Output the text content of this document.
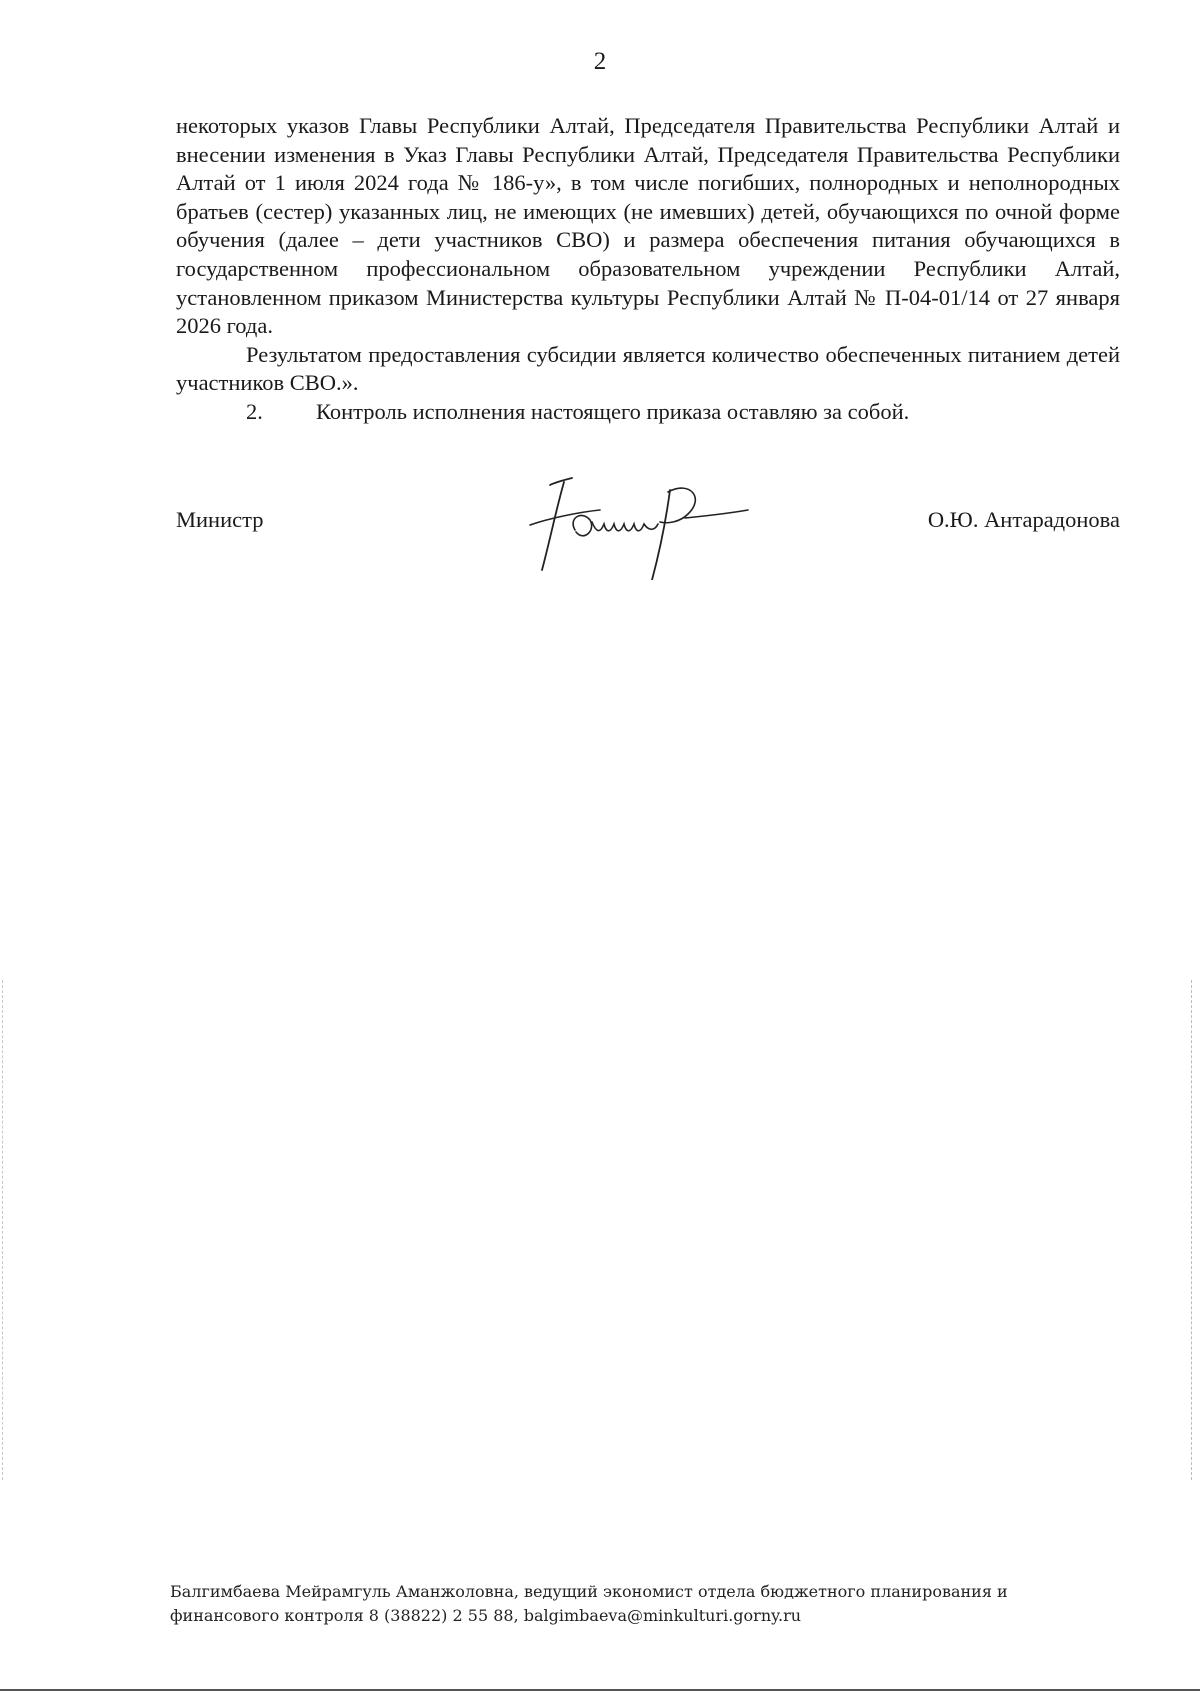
2

некоторых указов Главы Республики Алтай, Председателя Правительства Республики Алтай и внесении изменения в Указ Главы Республики Алтай, Председателя Правительства Республики Алтай от 1 июля 2024 года № 186-у», в том числе погибших, полнородных и неполнородных братьев (сестер) указанных лиц, не имеющих (не имевших) детей, обучающихся по очной форме обучения (далее – дети участников СВО) и размера обеспечения питания обучающихся в государственном профессиональном образовательном учреждении Республики Алтай, установленном приказом Министерства культуры Республики Алтай № П-04-01/14 от 27 января 2026 года.

Результатом предоставления субсидии является количество обеспеченных питанием детей участников СВО.».

2.	Контроль исполнения настоящего приказа оставляю за собой.
Министр	О.Ю. Антарадонова

Балгимбаева Мейрамгуль Аманжоловна, ведущий экономист отдела бюджетного планирования и

финансового контроля 8 (38822) 2 55 88, balgimbaeva@minkulturi.gorny.ru
